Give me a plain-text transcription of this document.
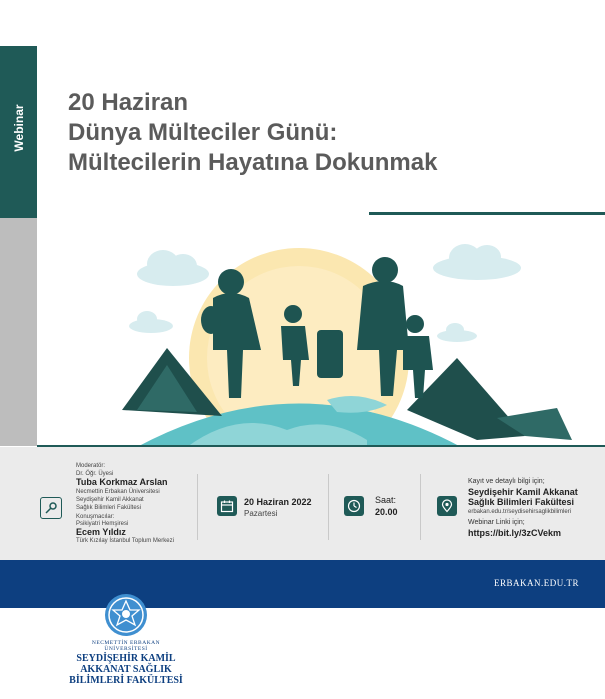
Webinar
20 Haziran
Dünya Mülteciler Günü:
Mültecilerin Hayatına Dokunmak
Moderatör:
Dr. Öğr. Üyesi
Tuba Korkmaz Arslan
Necmettin Erbakan Üniversitesi
Seydişehir Kamil Akkanat
Sağlık Bilimleri Fakültesi
Konuşmacılar:
Psikiyatri Hemşiresi
Ecem Yıldız
Türk Kızılay İstanbul Toplum Merkezi
20 Haziran 2022
Pazartesi
Saat:
20.00
Kayıt ve detaylı bilgi için;
Seydişehir Kamil Akkanat
Sağlık Bilimleri Fakültesi
erbakan.edu.tr/seydisehirsaglikbilimleri
Webinar Linki için;
https://bit.ly/3zCVekm
ERBAKAN.EDU.TR
NECMETTİN ERBAKAN
ÜNİVERSİTESİ
SEYDİŞEHİR KAMİL
AKKANAT SAĞLIK
BİLİMLERİ FAKÜLTESİ
